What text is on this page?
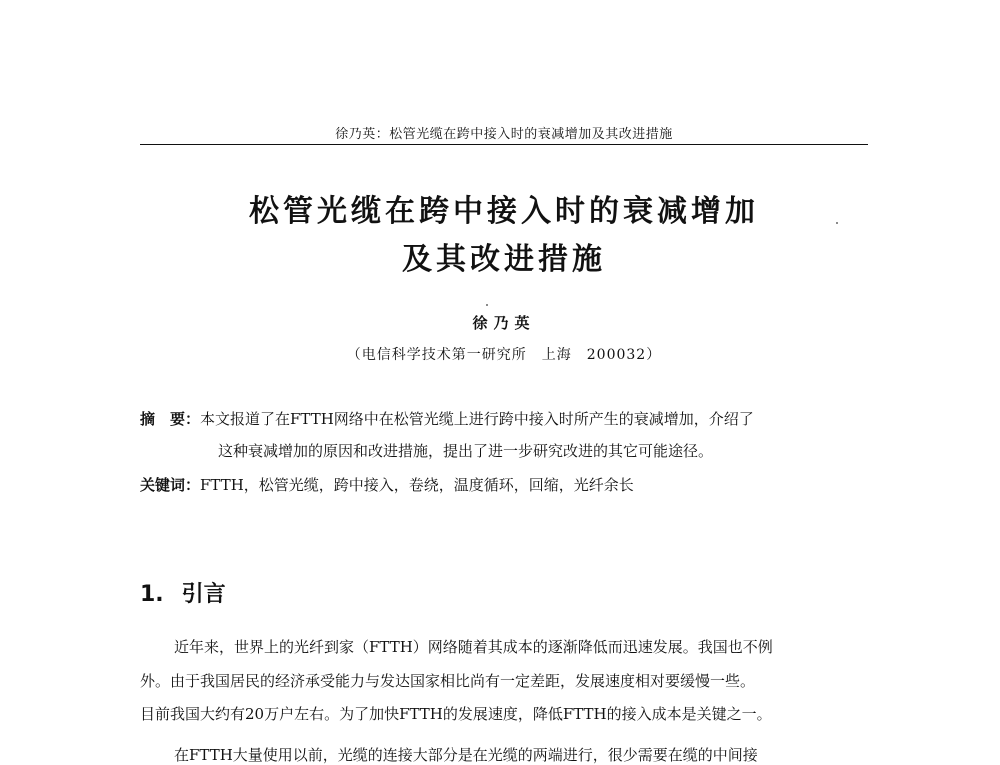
徐乃英：松管光缆在跨中接入时的衰减增加及其改进措施
松管光缆在跨中接入时的衰减增加
及其改进措施
徐乃英
（电信科学技术第一研究所　上海　200032）
摘　要：本文报道了在FTTH网络中在松管光缆上进行跨中接入时所产生的衰减增加，介绍了
这种衰减增加的原因和改进措施，提出了进一步研究改进的其它可能途径。
关键词：FTTH，松管光缆，跨中接入，卷绕，温度循环，回缩，光纤余长
1. 引言
近年来，世界上的光纤到家（FTTH）网络随着其成本的逐渐降低而迅速发展。我国也不例
外。由于我国居民的经济承受能力与发达国家相比尚有一定差距，发展速度相对要缓慢一些。
目前我国大约有20万户左右。为了加快FTTH的发展速度，降低FTTH的接入成本是关键之一。
在FTTH大量使用以前，光缆的连接大部分是在光缆的两端进行，很少需要在缆的中间接
